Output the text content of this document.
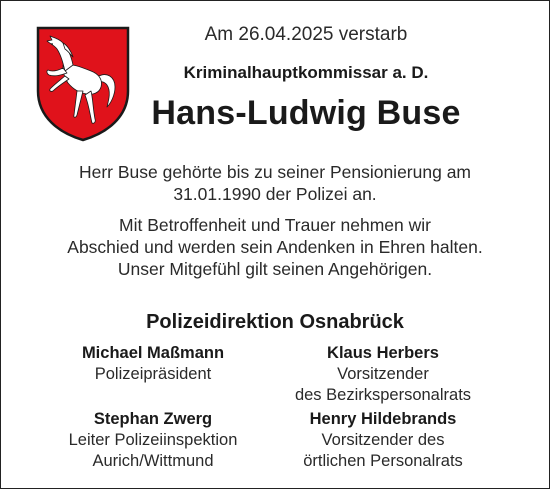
Am 26.04.2025 verstarb
Kriminalhauptkommissar a. D.
Hans-Ludwig Buse
Herr Buse gehörte bis zu seiner Pensionierung am
31.01.1990 der Polizei an.
Mit Betroffenheit und Trauer nehmen wir
Abschied und werden sein Andenken in Ehren halten.
Unser Mitgefühl gilt seinen Angehörigen.
Polizeidirektion Osnabrück
Michael Maßmann
Polizeipräsident
Klaus Herbers
Vorsitzender
des Bezirkspersonalrats
Stephan Zwerg
Leiter Polizeiinspektion
Aurich/Wittmund
Henry Hildebrands
Vorsitzender des
örtlichen Personalrats
